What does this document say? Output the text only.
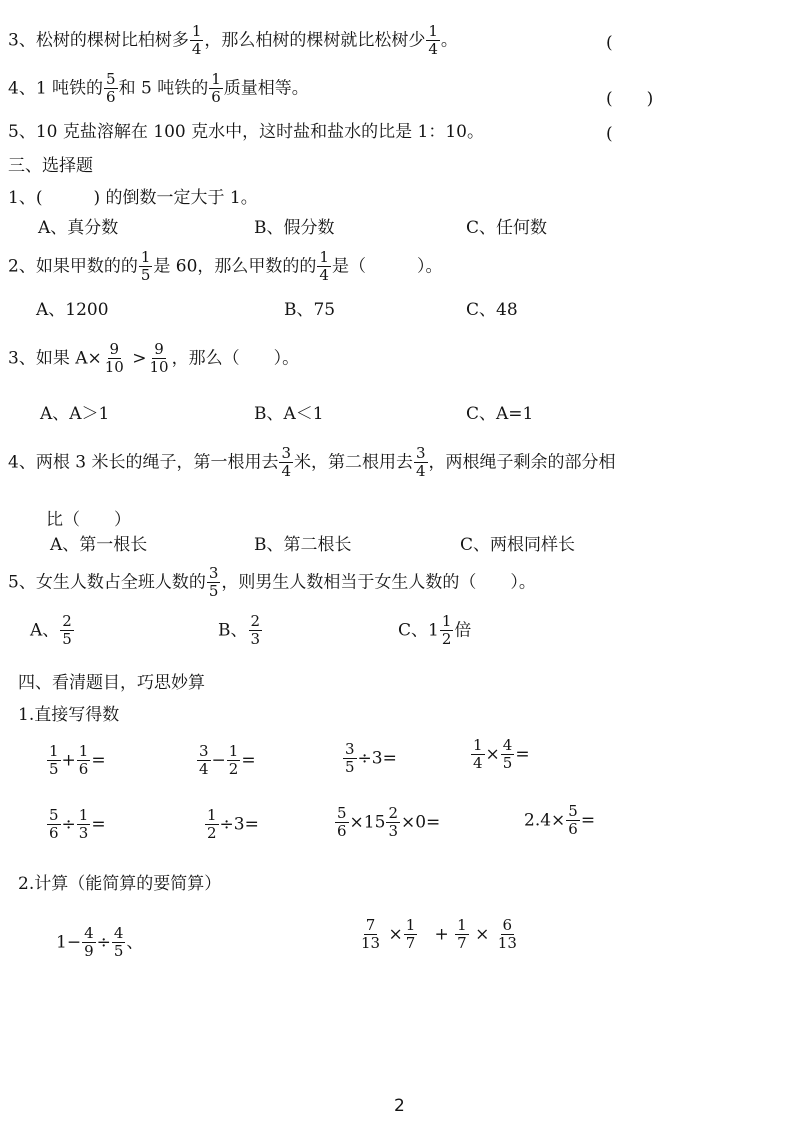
3、松树的棵树比柏树多 $\frac{1}{4}$ ，那么柏树的棵树就比松树少 $\frac{1}{4}$ 。	(
4、1 吨铁的 $\frac{5}{6}$ 和 5 吨铁的 $\frac{1}{6}$ 质量相等。
(　　)
5、10 克盐溶解在 100 克水中，这时盐和盐水的比是 1：10。	(
三、选择题
1、(　　　) 的倒数一定大于 1。
A、真分数	B、假分数	C、任何数
2、如果甲数的的 $\frac{1}{5}$ 是 60，那么甲数的的 $\frac{1}{4}$ 是（　　　）。
A、1200	B、75	C、48
3、如果 $A\times \frac{9}{10} > \frac{9}{10}$ ，那么（　　）。
A、A＞1	B、A＜1	C、A=1
4、两根 3 米长的绳子，第一根用去 $\frac{3}{4}$ 米，第二根用去 $\frac{3}{4}$ ，两根绳子剩余的部分相
比（　　）
A、第一根长	B、第二根长	C、两根同样长
5、女生人数占全班人数的 $\frac{3}{5}$ ，则男生人数相当于女生人数的（　　）。
A、 $\frac{2}{5}$	B、 $\frac{2}{3}$	C、$1 \frac{1}{2}$ 倍
四、看清题目，巧思妙算
1.直接写得数
$\frac{1}{5} + \frac{1}{6}$ =	$\frac{3}{4} - \frac{1}{2}$ =	$\frac{3}{5} \div 3=$	$\frac{1}{4} \times \frac{4}{5}$ =
$\frac{5}{6} \div \frac{1}{3}$ =	$\frac{1}{2} \div 3=$	$\frac{5}{6} \times 15 \frac{2}{3} \times 0=$	$2.4\times \frac{5}{6}$ =
2.计算（能简算的要简算）
$1- \frac{4}{9} \div \frac{4}{5}$ 、	$\frac{7}{13} \times \frac{1}{7} + \frac{1}{7} \times \frac{6}{13}$
2
